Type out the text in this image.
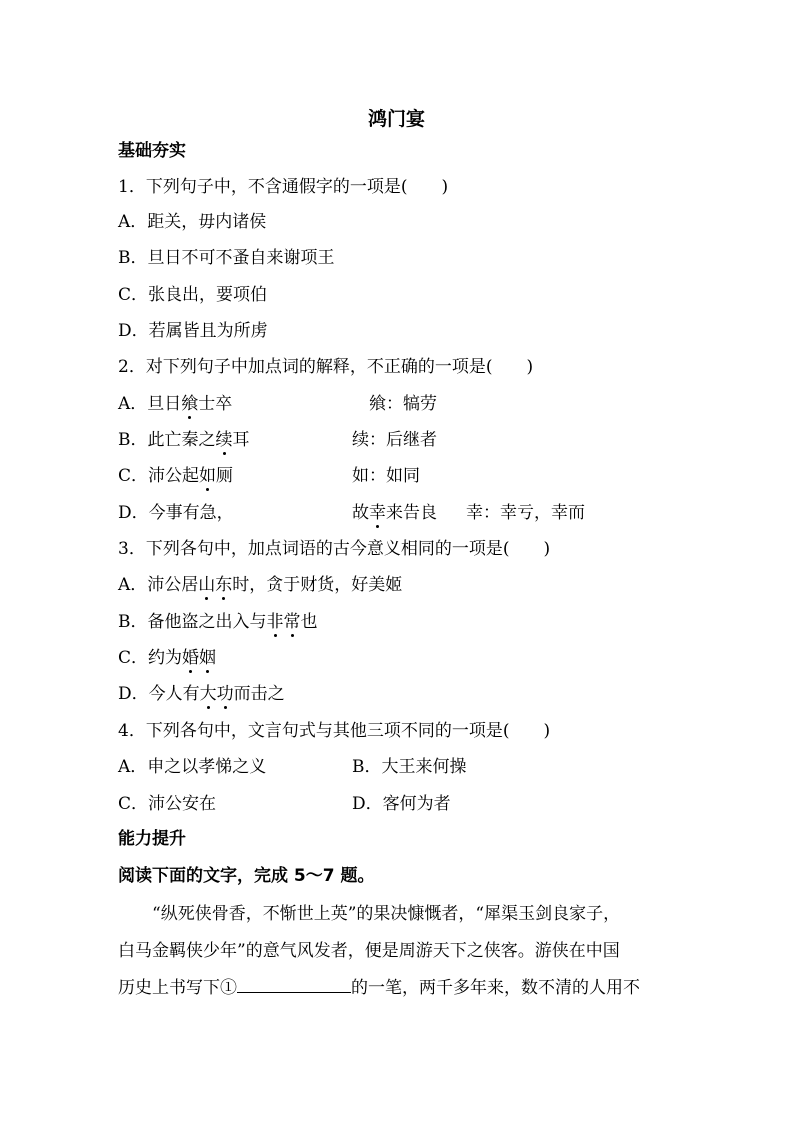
鸿门宴
基础夯实
1．下列句子中，不含通假字的一项是(　　)
A．距关，毋内诸侯
B．旦日不可不蚤自来谢项王
C．张良出，要项伯
D．若属皆且为所虏
2．对下列句子中加点词的解释，不正确的一项是(　　)
A．旦日飨士卒	飨：犒劳
B．此亡秦之续耳	续：后继者
C．沛公起如厕	如：如同
D．今事有急，	故幸来告良 幸：幸亏，幸而
3．下列各句中，加点词语的古今意义相同的一项是(　　)
A．沛公居山东时，贪于财货，好美姬
B．备他盗之出入与非常也
C．约为婚姻
D．今人有大功而击之
4．下列各句中，文言句式与其他三项不同的一项是(　　)
A．申之以孝悌之义	B．大王来何操
C．沛公安在	D．客何为者
能力提升
阅读下面的文字，完成 5～7 题。
“纵死侠骨香，不惭世上英”的果决慷慨者，“犀渠玉剑良家子，
白马金羁侠少年”的意气风发者，便是周游天下之侠客。游侠在中国
历史上书写下①	的一笔，两千多年来，数不清的人用不
